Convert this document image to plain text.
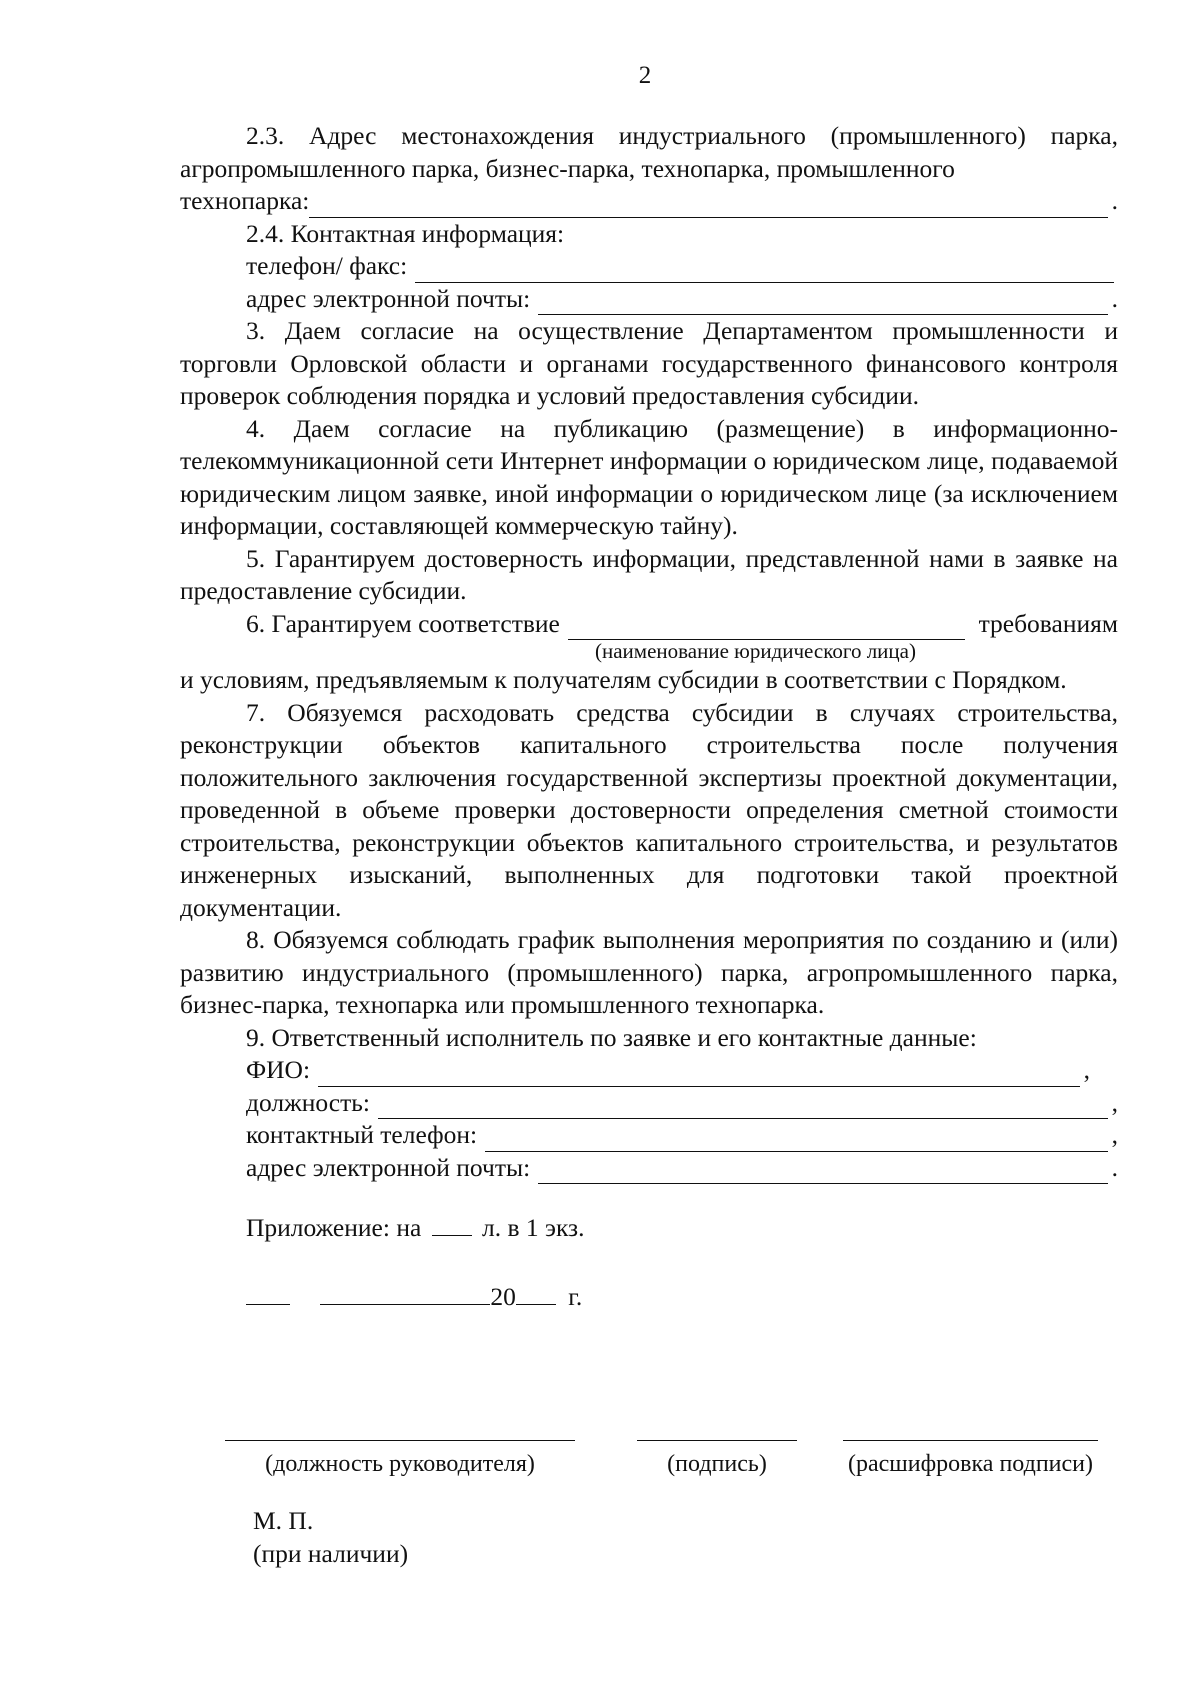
2

2.3. Адрес местонахождения индустриального (промышленного) парка, агропромышленного парка, бизнес-парка, технопарка, промышленного

технопарка:	.

2.4. Контактная информация:

телефон/ факс:
адрес электронной почты:	.

3. Даем согласие на осуществление Департаментом промышленности и торговли Орловской области и органами государственного финансового контроля проверок соблюдения порядка и условий предоставления субсидии.

4. Даем согласие на публикацию (размещение) в информационно-телекоммуникационной сети Интернет информации о юридическом лице, подаваемой юридическим лицом заявке, иной информации о юридическом лице (за исключением информации, составляющей коммерческую тайну).

5. Гарантируем достоверность информации, представленной нами в заявке на предоставление субсидии.

6. Гарантируем соответствие	требованиям
(наименование юридического лица)

и условиям, предъявляемым к получателям субсидии в соответствии с Порядком.

7. Обязуемся расходовать средства субсидии в случаях строительства, реконструкции объектов капитального строительства после получения положительного заключения государственной экспертизы проектной документации, проведенной в объеме проверки достоверности определения сметной стоимости строительства, реконструкции объектов капитального строительства, и результатов инженерных изысканий, выполненных для подготовки такой проектной документации.

8. Обязуемся соблюдать график выполнения мероприятия по созданию и (или) развитию индустриального (промышленного) парка, агропромышленного парка, бизнес-парка, технопарка или промышленного технопарка.

9. Ответственный исполнитель по заявке и его контактные данные:

ФИО:	,
должность:	,
контактный телефон:	,
адрес электронной почты:	.

Приложение: на л. в 1 экз.

20 г.

(должность руководителя)	(подпись)	(расшифровка подписи)
М. П.
(при наличии)
